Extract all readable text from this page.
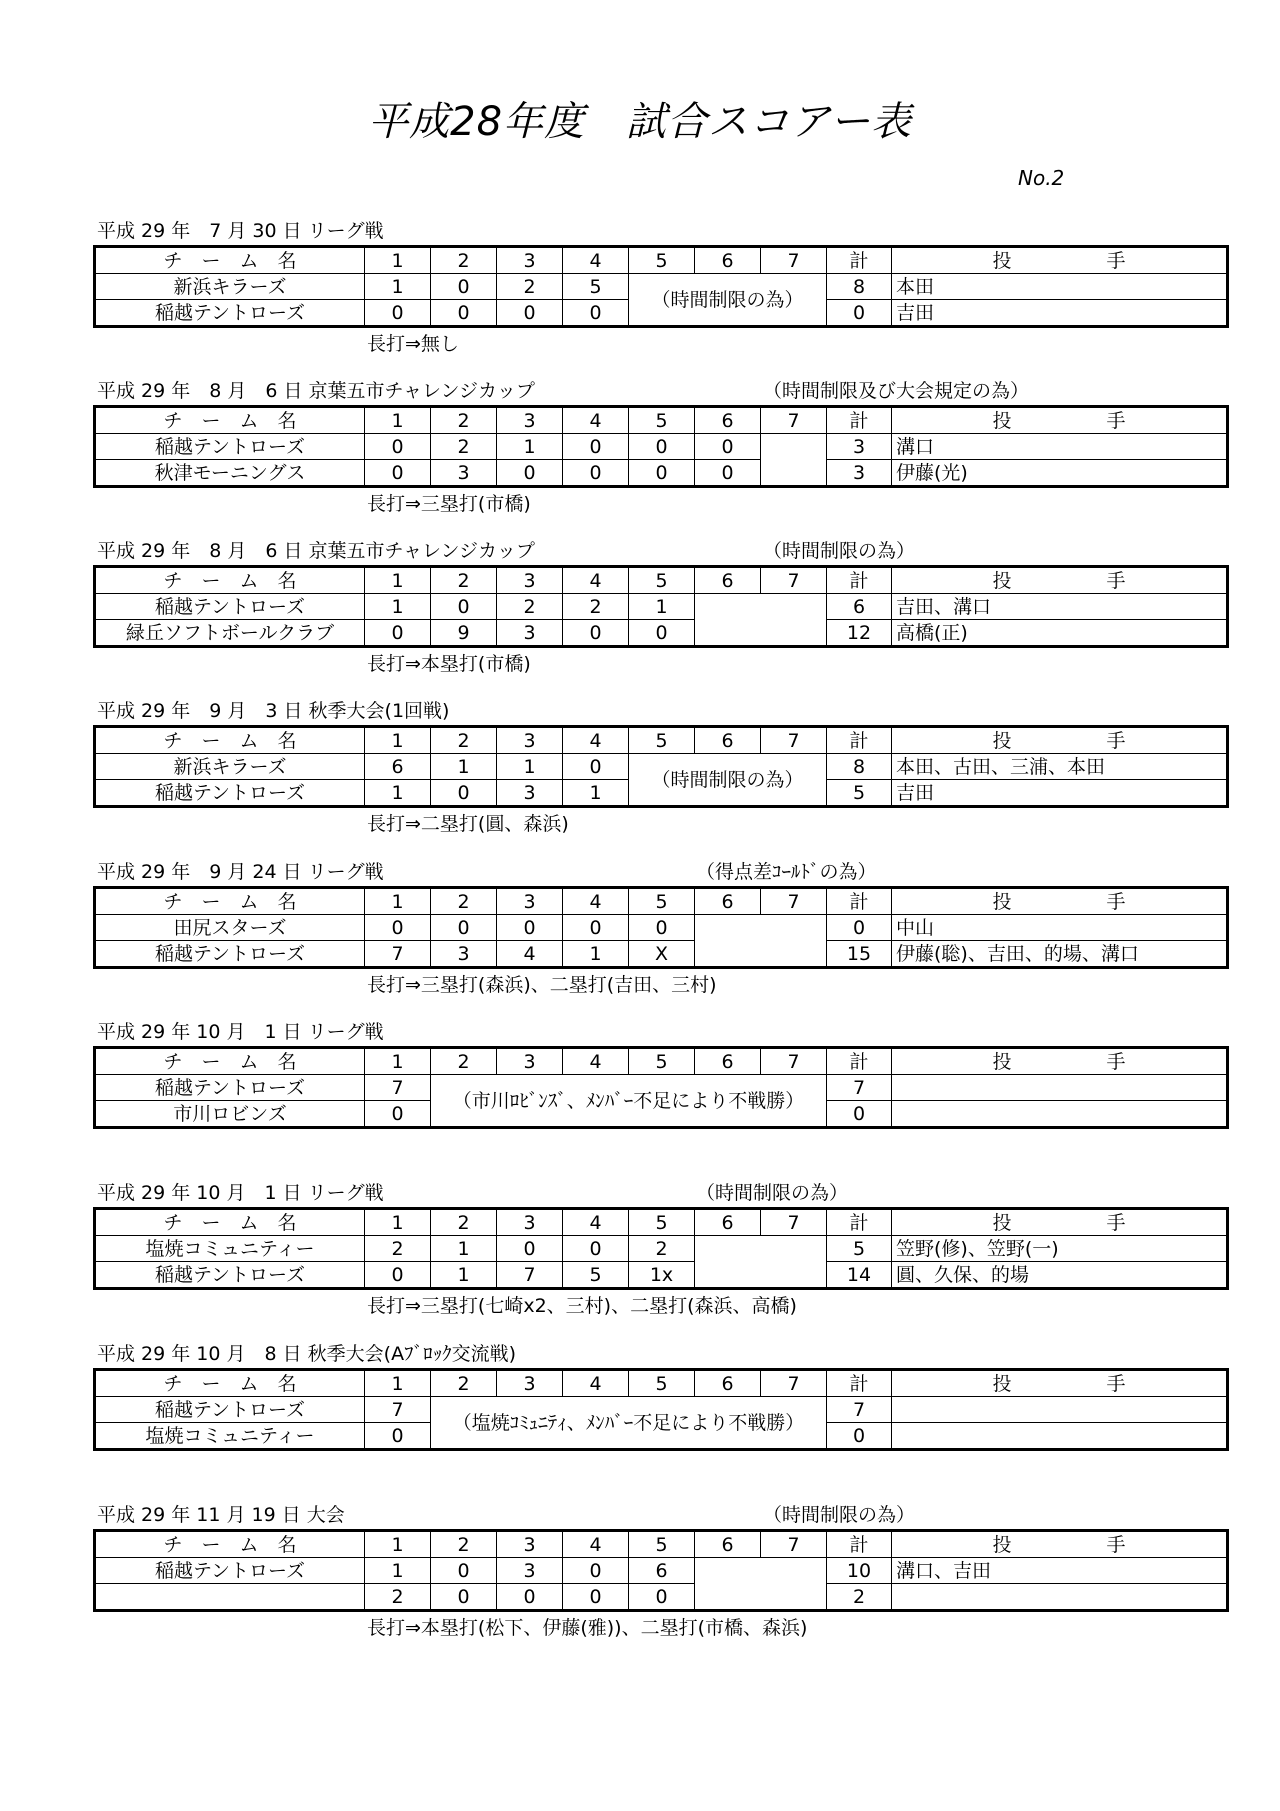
平成28年度　試合スコアー表
No.2
平成 29 年　7 月 30 日 リーグ戦
チ　ー　ム　名	1	2	3	4	5	6	7	計	投　　　　　手
新浜キラーズ	1	0	2	5	（時間制限の為）			8	本田
稲越テントローズ	0	0	0	0				0	吉田
長打⇒無し
平成 29 年　8 月　6 日 京葉五市チャレンジカップ	（時間制限及び大会規定の為）
チ　ー　ム　名	1	2	3	4	5	6	7	計	投　　　　　手
稲越テントローズ	0	2	1	0	0	0		3	溝口
秋津モーニングス	0	3	0	0	0	0		3	伊藤(光)
長打⇒三塁打(市橋)
平成 29 年　8 月　6 日 京葉五市チャレンジカップ	（時間制限の為）
チ　ー　ム　名	1	2	3	4	5	6	7	計	投　　　　　手
稲越テントローズ	1	0	2	2	1			6	吉田、溝口
緑丘ソフトボールクラブ	0	9	3	0	0			12	高橋(正)
長打⇒本塁打(市橋)
平成 29 年　9 月　3 日 秋季大会(1回戦)
チ　ー　ム　名	1	2	3	4	5	6	7	計	投　　　　　手
新浜キラーズ	6	1	1	0	（時間制限の為）			8	本田、古田、三浦、本田
稲越テントローズ	1	0	3	1				5	吉田
長打⇒二塁打(圓、森浜)
平成 29 年　9 月 24 日 リーグ戦	（得点差ｺｰﾙﾄﾞの為）
チ　ー　ム　名	1	2	3	4	5	6	7	計	投　　　　　手
田尻スターズ	0	0	0	0	0			0	中山
稲越テントローズ	7	3	4	1	X			15	伊藤(聡)、吉田、的場、溝口
長打⇒三塁打(森浜)、二塁打(吉田、三村)
平成 29 年 10 月　1 日 リーグ戦
チ　ー　ム　名	1	2	3	4	5	6	7	計	投　　　　　手
稲越テントローズ	7	（市川ﾛﾋﾞﾝｽﾞ、ﾒﾝﾊﾞｰ不足により不戦勝）						7	
市川ロビンズ	0							0	
平成 29 年 10 月　1 日 リーグ戦	（時間制限の為）
チ　ー　ム　名	1	2	3	4	5	6	7	計	投　　　　　手
塩焼コミュニティー	2	1	0	0	2			5	笠野(修)、笠野(一)
稲越テントローズ	0	1	7	5	1x			14	圓、久保、的場
長打⇒三塁打(七崎x2、三村)、二塁打(森浜、高橋)
平成 29 年 10 月　8 日 秋季大会(Aﾌﾞﾛｯｸ交流戦)
チ　ー　ム　名	1	2	3	4	5	6	7	計	投　　　　　手
稲越テントローズ	7	（塩焼ｺﾐｭﾆﾃｨ、ﾒﾝﾊﾞｰ不足により不戦勝）						7	
塩焼コミュニティー	0							0	
平成 29 年 11 月 19 日 大会	（時間制限の為）
チ　ー　ム　名	1	2	3	4	5	6	7	計	投　　　　　手
稲越テントローズ	1	0	3	0	6			10	溝口、吉田
	2	0	0	0	0			2	
長打⇒本塁打(松下、伊藤(雅))、二塁打(市橋、森浜)
